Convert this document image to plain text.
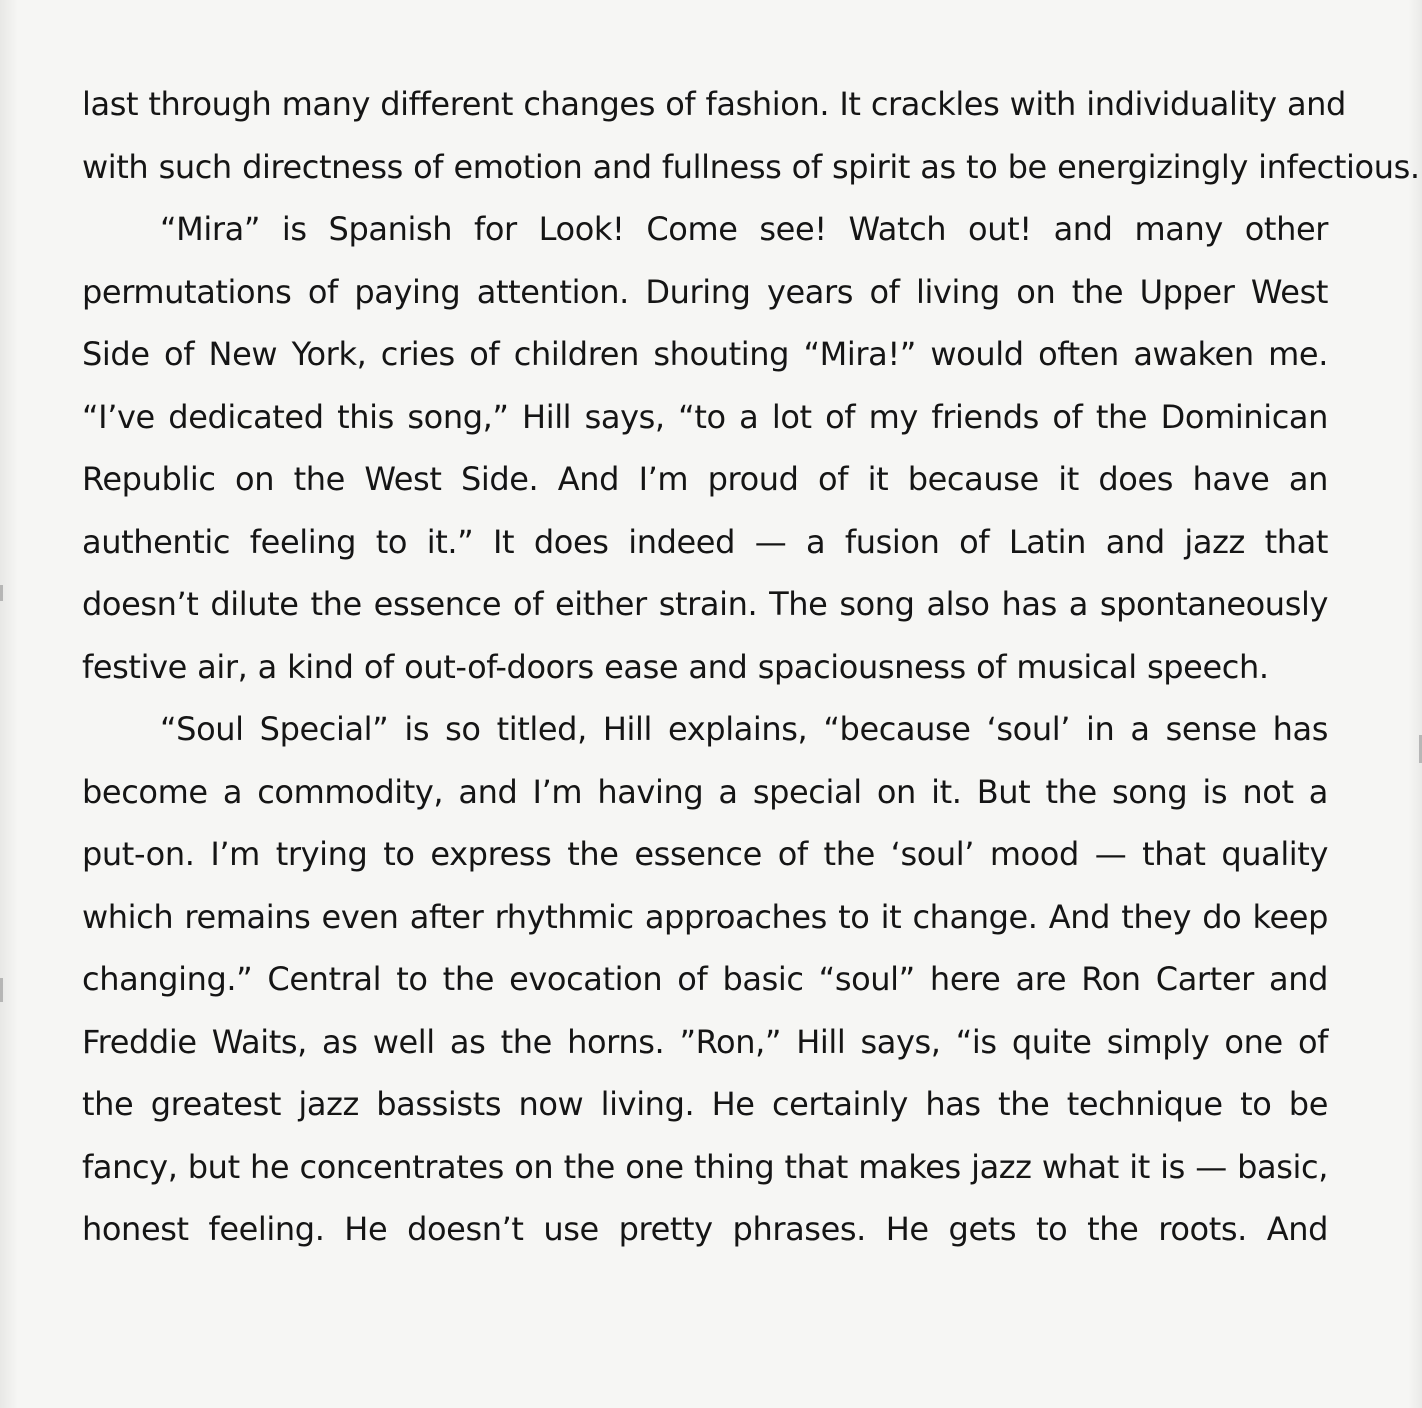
last through many different changes of fashion. It crackles with individuality and
with such directness of emotion and fullness of spirit as to be energizingly infectious.
“Mira” is Spanish for Look! Come see! Watch out! and many other
permutations of paying attention. During years of living on the Upper West
Side of New York, cries of children shouting “Mira!” would often awaken me.
“I’ve dedicated this song,” Hill says, “to a lot of my friends of the Dominican
Republic on the West Side. And I’m proud of it because it does have an
authentic feeling to it.” It does indeed — a fusion of Latin and jazz that
doesn’t dilute the essence of either strain. The song also has a spontaneously
festive air, a kind of out-of-doors ease and spaciousness of musical speech.
“Soul Special” is so titled, Hill explains, “because ‘soul’ in a sense has
become a commodity, and I’m having a special on it. But the song is not a
put-on. I’m trying to express the essence of the ‘soul’ mood — that quality
which remains even after rhythmic approaches to it change. And they do keep
changing.” Central to the evocation of basic “soul” here are Ron Carter and
Freddie Waits, as well as the horns. ”Ron,” Hill says, “is quite simply one of
the greatest jazz bassists now living. He certainly has the technique to be
fancy, but he concentrates on the one thing that makes jazz what it is — basic,
honest feeling. He doesn’t use pretty phrases. He gets to the roots. And
